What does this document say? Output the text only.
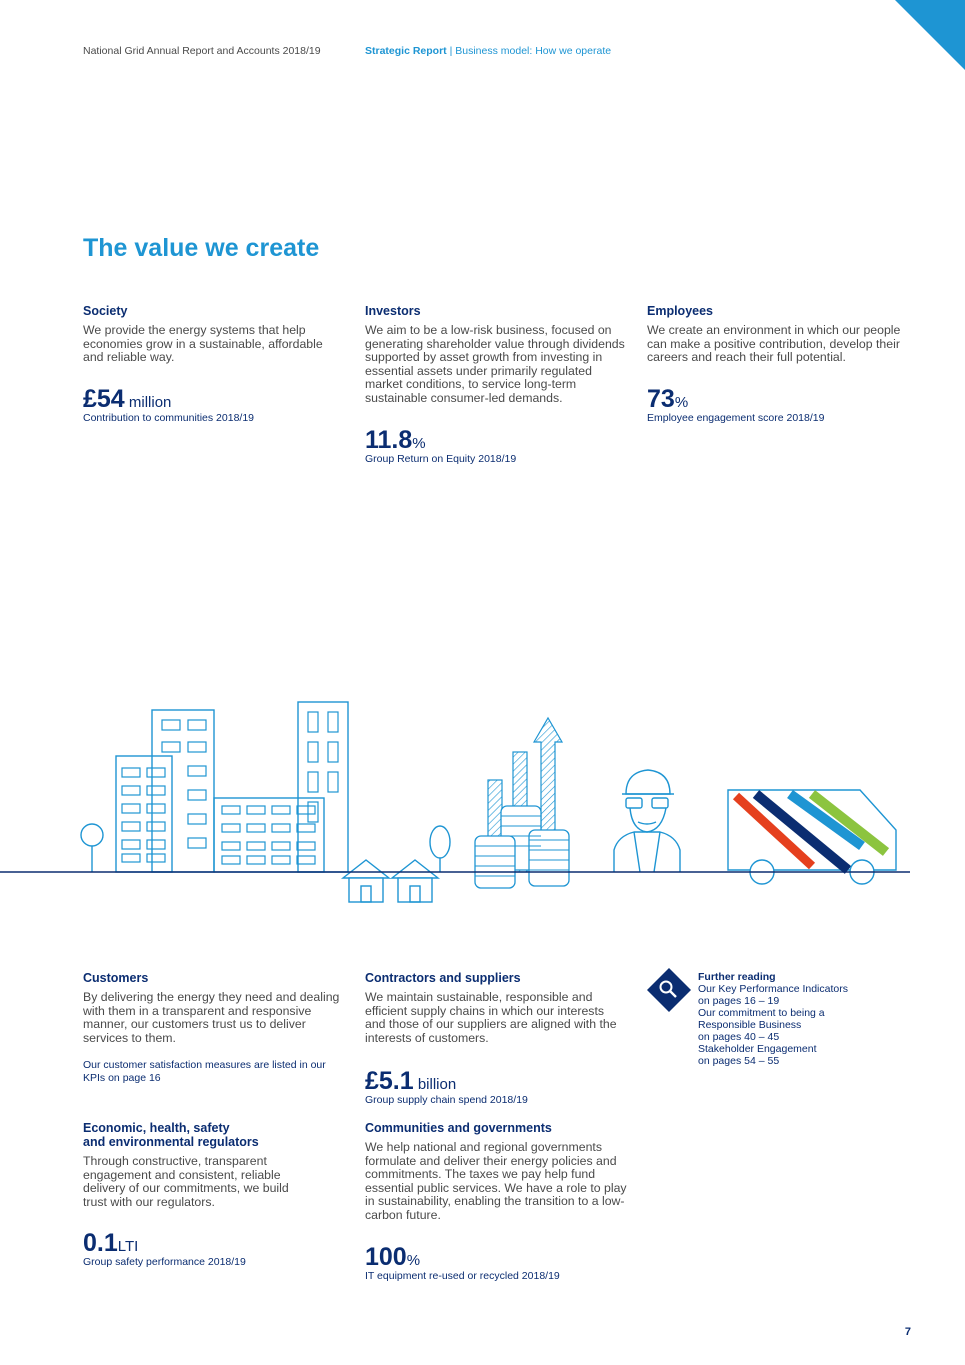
National Grid Annual Report and Accounts 2018/19	Strategic Report | Business model: How we operate
The value we create
Society

We provide the energy systems that help economies grow in a sustainable, affordable and reliable way.

£54 million
Contribution to communities 2018/19
Investors

We aim to be a low-risk business, focused on generating shareholder value through dividends supported by asset growth from investing in essential assets under primarily regulated market conditions, to service long-term sustainable consumer-led demands.

11.8%
Group Return on Equity 2018/19
Employees

We create an environment in which our people can make a positive contribution, develop their careers and reach their full potential.

73%
Employee engagement score 2018/19
Customers

By delivering the energy they need and dealing with them in a transparent and responsive manner, our customers trust us to deliver services to them.

Our customer satisfaction measures are listed in our KPIs on page 16
Contractors and suppliers

We maintain sustainable, responsible and efficient supply chains in which our interests and those of our suppliers are aligned with the interests of customers.

£5.1 billion
Group supply chain spend 2018/19
Further reading
Our Key Performance Indicators
on pages 16 – 19
Our commitment to being a
Responsible Business
on pages 40 – 45
Stakeholder Engagement
on pages 54 – 55
Economic, health, safety
and environmental regulators

Through constructive, transparent engagement and consistent, reliable delivery of our commitments, we build trust with our regulators.

0.1LTI
Group safety performance 2018/19
Communities and governments

We help national and regional governments formulate and deliver their energy policies and commitments. The taxes we pay help fund essential public services. We have a role to play in sustainability, enabling the transition to a low-carbon future.

100%
IT equipment re-used or recycled 2018/19
7
